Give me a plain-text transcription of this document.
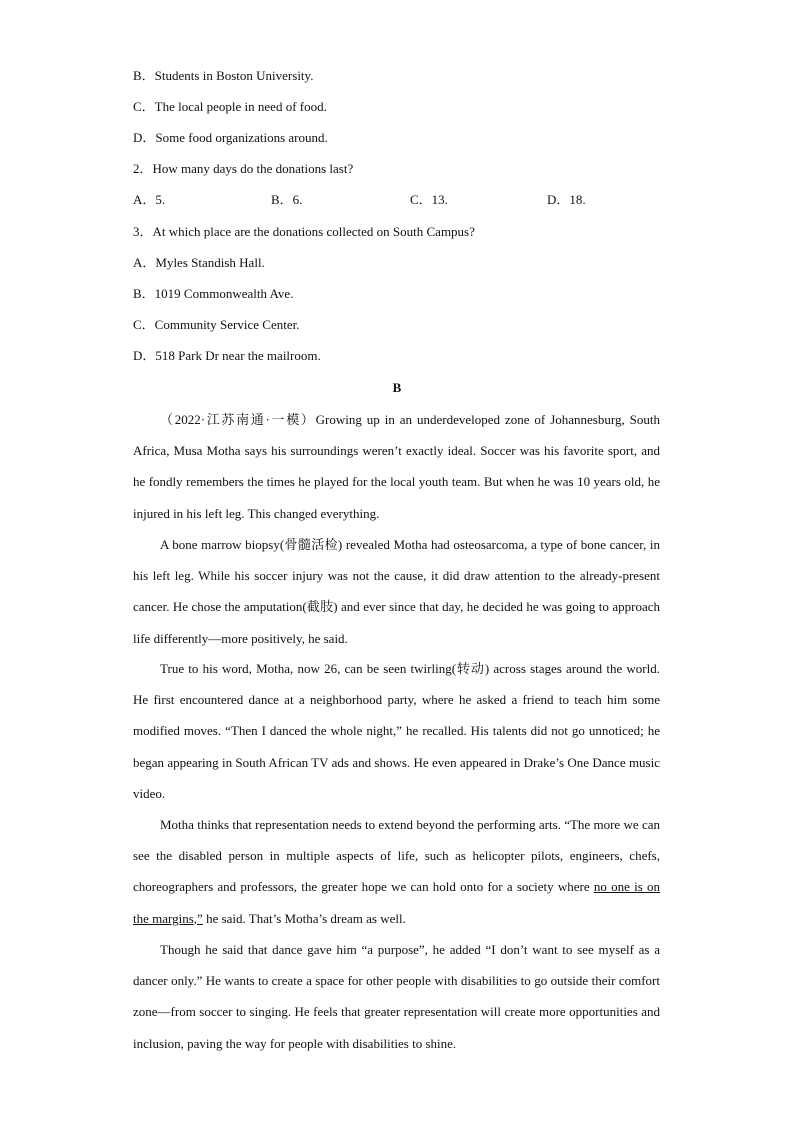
B．Students in Boston University.
C．The local people in need of food.
D．Some food organizations around.
2．How many days do the donations last?
A．5.	B．6.	C．13.	D．18.
3．At which place are the donations collected on South Campus?
A．Myles Standish Hall.
B．1019 Commonwealth Ave.
C．Community Service Center.
D．518 Park Dr near the mailroom.
B

（2022·江苏南通·一模）Growing up in an underdeveloped zone of Johannesburg, South Africa, Musa Motha says his surroundings weren’t exactly ideal. Soccer was his favorite sport, and he fondly remembers the times he played for the local youth team. But when he was 10 years old, he injured in his left leg. This changed everything.

A bone marrow biopsy(骨髓活检) revealed Motha had osteosarcoma, a type of bone cancer, in his left leg. While his soccer injury was not the cause, it did draw attention to the already-present cancer. He chose the amputation(截肢) and ever since that day, he decided he was going to approach life differently—more positively, he said.

True to his word, Motha, now 26, can be seen twirling(转动) across stages around the world. He first encountered dance at a neighborhood party, where he asked a friend to teach him some modified moves. “Then I danced the whole night,” he recalled. His talents did not go unnoticed; he began appearing in South African TV ads and shows. He even appeared in Drake’s One Dance music video.

Motha thinks that representation needs to extend beyond the performing arts. “The more we can see the disabled person in multiple aspects of life, such as helicopter pilots, engineers, chefs, choreographers and professors, the greater hope we can hold onto for a society where no one is on the margins,” he said. That’s Motha’s dream as well.

Though he said that dance gave him “a purpose”, he added “I don’t want to see myself as a dancer only.” He wants to create a space for other people with disabilities to go outside their comfort zone—from soccer to singing. He feels that greater representation will create more opportunities and inclusion, paving the way for people with disabilities to shine.
